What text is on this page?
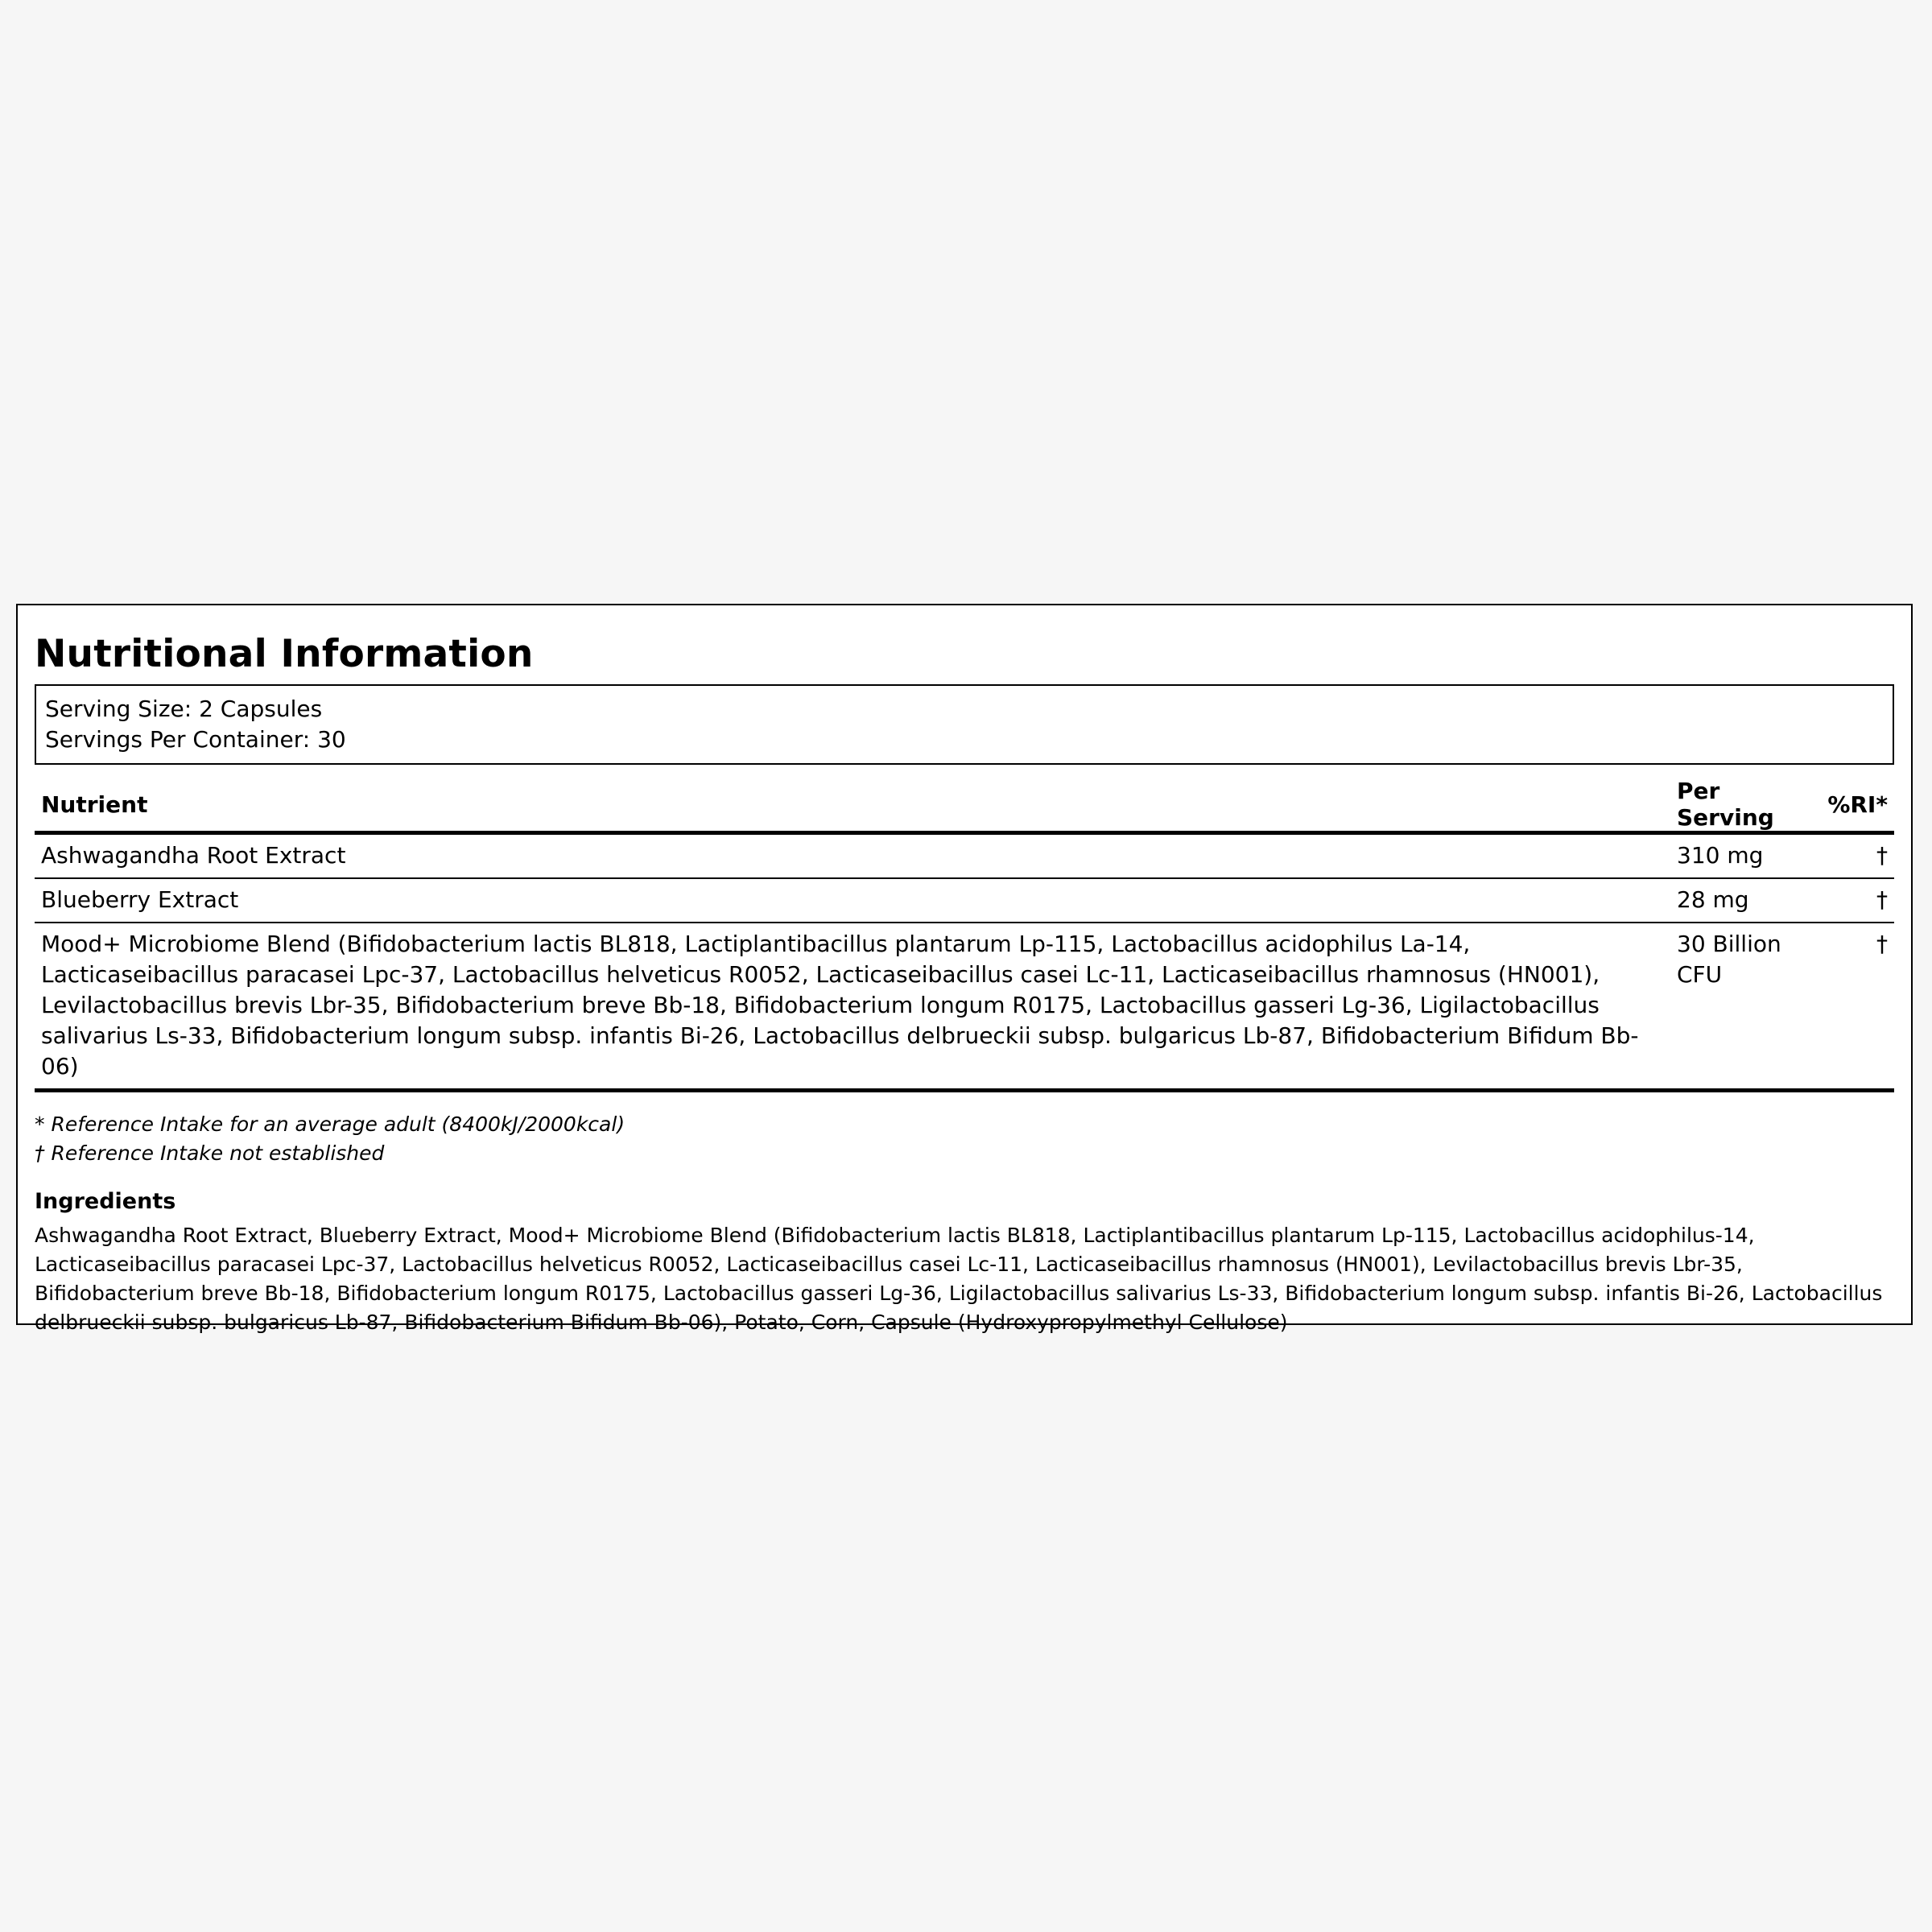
Nutritional Information
Serving Size: 2 Capsules
Servings Per Container: 30
Nutrient	Per Serving	%RI*
Ashwagandha Root Extract	310 mg	†
Blueberry Extract	28 mg	†
Mood+ Microbiome Blend (Bifidobacterium lactis BL818, Lactiplantibacillus plantarum Lp-115, Lactobacillus acidophilus La-14, Lacticaseibacillus paracasei Lpc-37, Lactobacillus helveticus R0052, Lacticaseibacillus casei Lc-11, Lacticaseibacillus rhamnosus (HN001), Levilactobacillus brevis Lbr-35, Bifidobacterium breve Bb-18, Bifidobacterium longum R0175, Lactobacillus gasseri Lg-36, Ligilactobacillus salivarius Ls-33, Bifidobacterium longum subsp. infantis Bi-26, Lactobacillus delbrueckii subsp. bulgaricus Lb-87, Bifidobacterium Bifidum Bb-06)	30 Billion CFU	†
* Reference Intake for an average adult (8400kJ/2000kcal)
† Reference Intake not established
Ingredients
Ashwagandha Root Extract, Blueberry Extract, Mood+ Microbiome Blend (Bifidobacterium lactis BL818, Lactiplantibacillus plantarum Lp-115, Lactobacillus acidophilus-14, Lacticaseibacillus paracasei Lpc-37, Lactobacillus helveticus R0052, Lacticaseibacillus casei Lc-11, Lacticaseibacillus rhamnosus (HN001), Levilactobacillus brevis Lbr-35, Bifidobacterium breve Bb-18, Bifidobacterium longum R0175, Lactobacillus gasseri Lg-36, Ligilactobacillus salivarius Ls-33, Bifidobacterium longum subsp. infantis Bi-26, Lactobacillus delbrueckii subsp. bulgaricus Lb-87, Bifidobacterium Bifidum Bb-06), Potato, Corn, Capsule (Hydroxypropylmethyl Cellulose)
